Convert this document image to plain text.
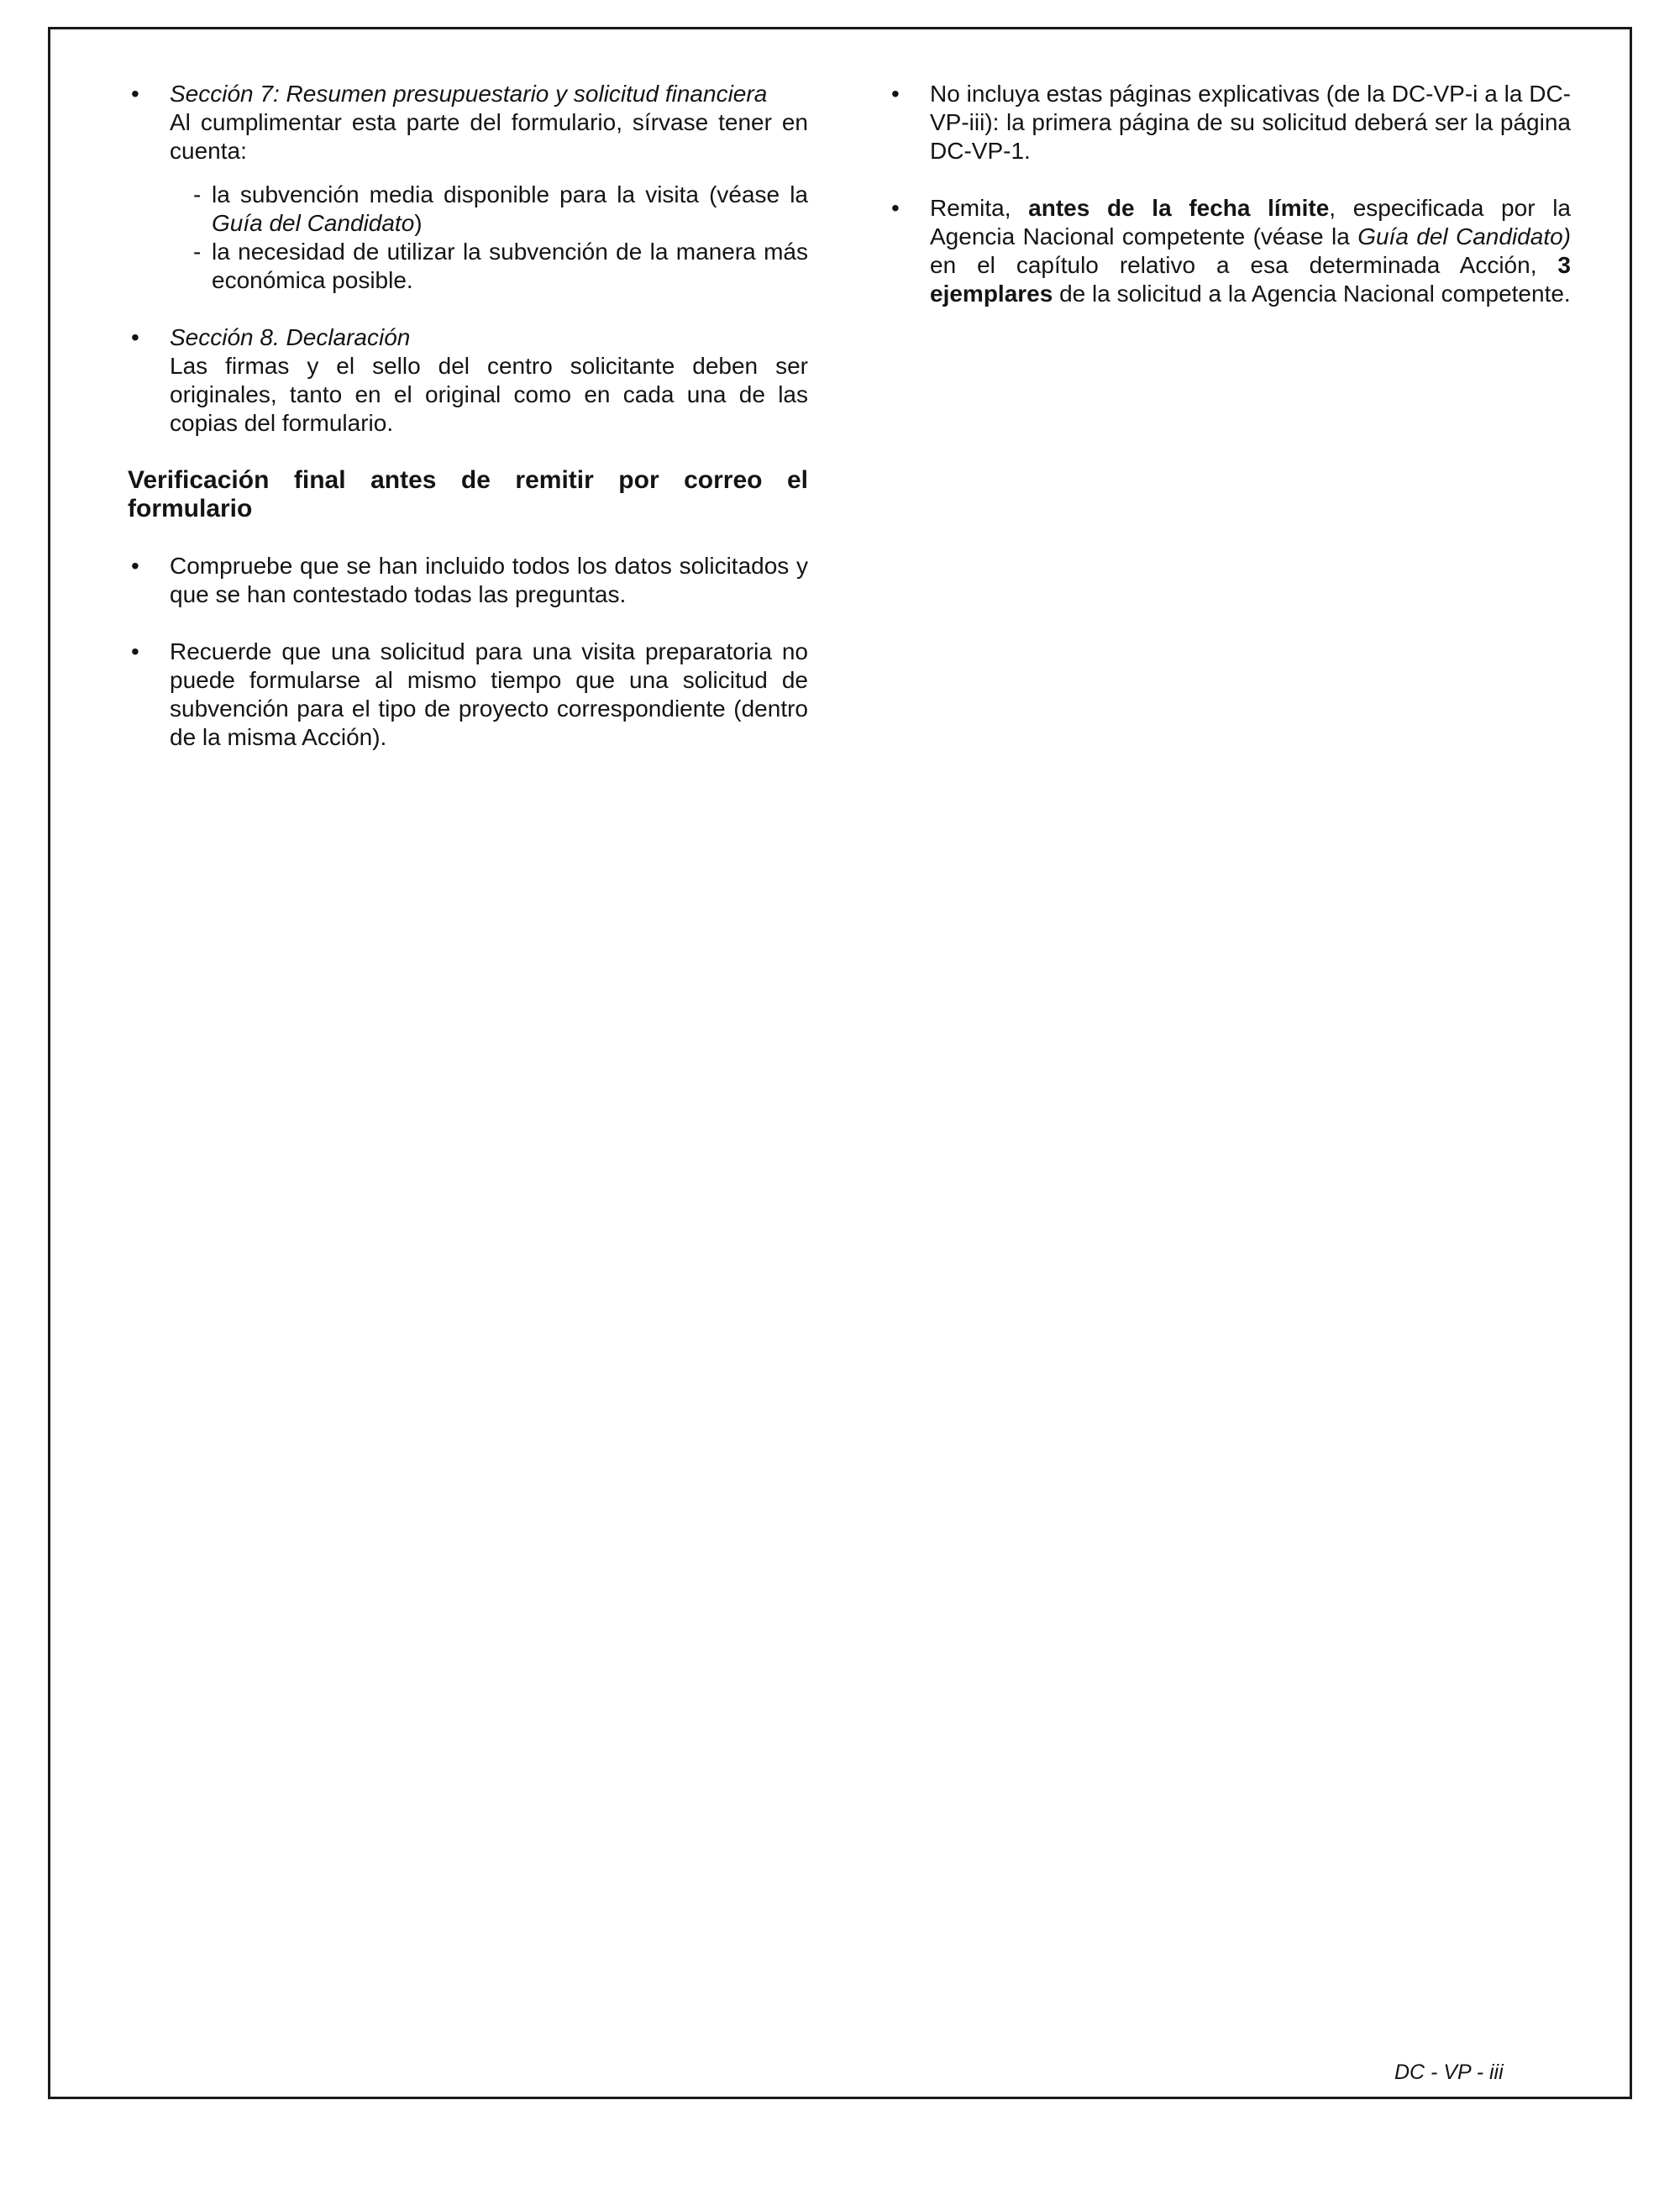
• Sección 7: Resumen presupuestario y solicitud financiera
Al cumplimentar esta parte del formulario, sírvase tener en cuenta:
- la subvención media disponible para la visita (véase la Guía del Candidato)
- la necesidad de utilizar la subvención de la manera más económica posible.
• Sección 8. Declaración
Las firmas y el sello del centro solicitante deben ser originales, tanto en el original como en cada una de las copias del formulario.
Verificación final antes de remitir por correo el formulario
• Compruebe que se han incluido todos los datos solicitados y que se han contestado todas las preguntas.
• Recuerde que una solicitud para una visita preparatoria no puede formularse al mismo tiempo que una solicitud de subvención para el tipo de proyecto correspondiente (dentro de la misma Acción).
• No incluya estas páginas explicativas (de la DC-VP-i a la DC-VP-iii): la primera página de su solicitud deberá ser la página DC-VP-1.
• Remita, antes de la fecha límite, especificada por la Agencia Nacional competente (véase la Guía del Candidato) en el capítulo relativo a esa determinada Acción, 3 ejemplares de la solicitud a la Agencia Nacional competente.
DC - VP - iii
